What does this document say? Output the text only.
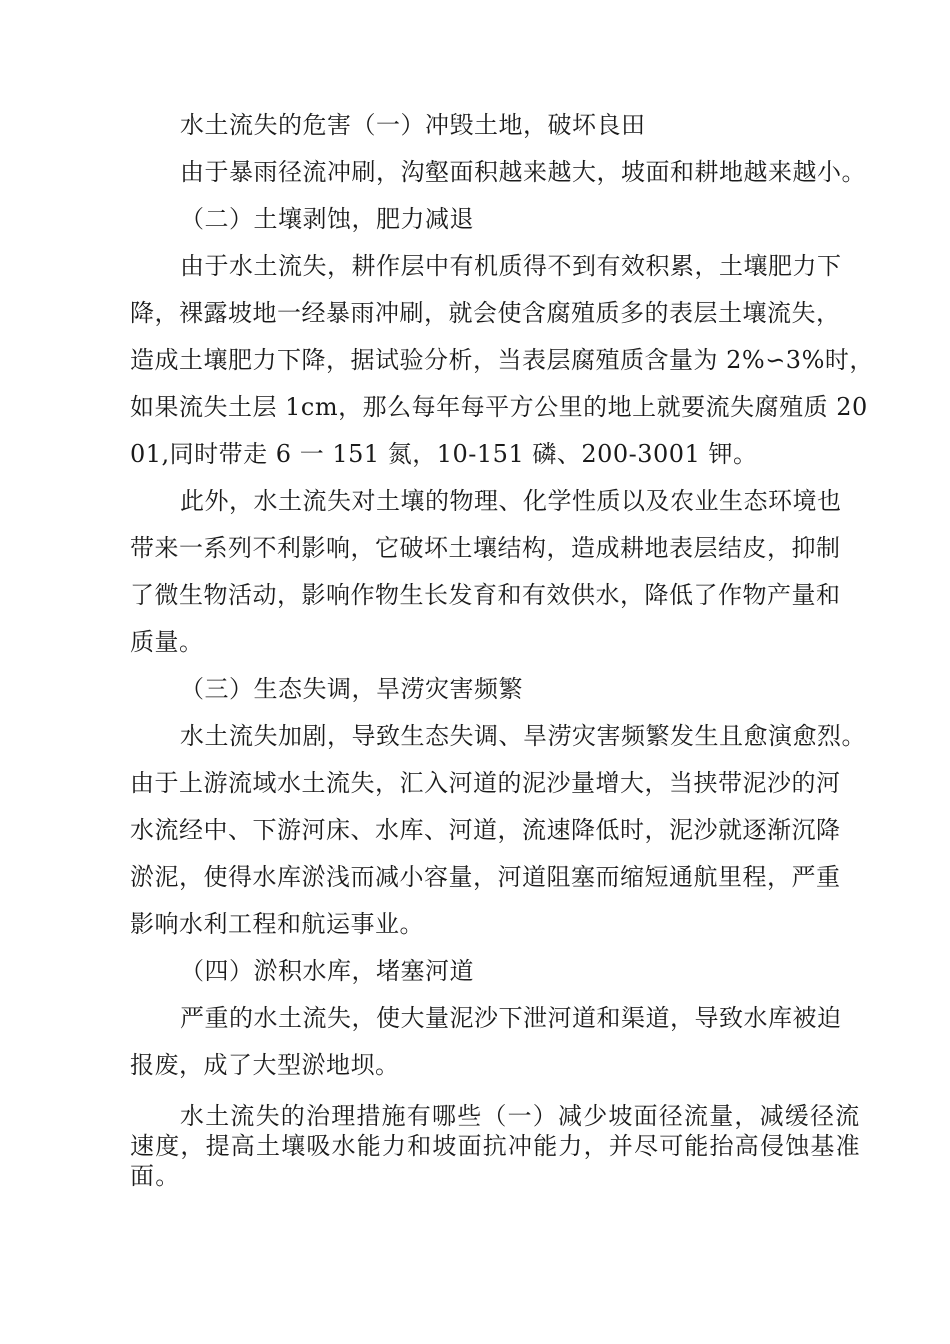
水土流失的危害（一）冲毁土地，破坏良田
由于暴雨径流冲刷，沟壑面积越来越大，坡面和耕地越来越小。
（二）土壤剥蚀，肥力减退
由于水土流失，耕作层中有机质得不到有效积累，土壤肥力下
降，裸露坡地一经暴雨冲刷，就会使含腐殖质多的表层土壤流失，
造成土壤肥力下降，据试验分析，当表层腐殖质含量为 2%∽3%时，
如果流失土层 1cm，那么每年每平方公里的地上就要流失腐殖质 20
01,同时带走 6 一 151 氮，10-151 磷、200-3001 钾。
此外，水土流失对土壤的物理、化学性质以及农业生态环境也
带来一系列不利影响，它破坏土壤结构，造成耕地表层结皮，抑制
了微生物活动，影响作物生长发育和有效供水，降低了作物产量和
质量。
（三）生态失调，旱涝灾害频繁
水土流失加剧，导致生态失调、旱涝灾害频繁发生且愈演愈烈。
由于上游流域水土流失，汇入河道的泥沙量增大，当挟带泥沙的河
水流经中、下游河床、水库、河道，流速降低时，泥沙就逐渐沉降
淤泥，使得水库淤浅而减小容量，河道阻塞而缩短通航里程，严重
影响水利工程和航运事业。
（四）淤积水库，堵塞河道
严重的水土流失，使大量泥沙下泄河道和渠道，导致水库被迫
报废，成了大型淤地坝。
水土流失的治理措施有哪些（一）减少坡面径流量，减缓径流
速度，提高土壤吸水能力和坡面抗冲能力，并尽可能抬高侵蚀基准
面。
